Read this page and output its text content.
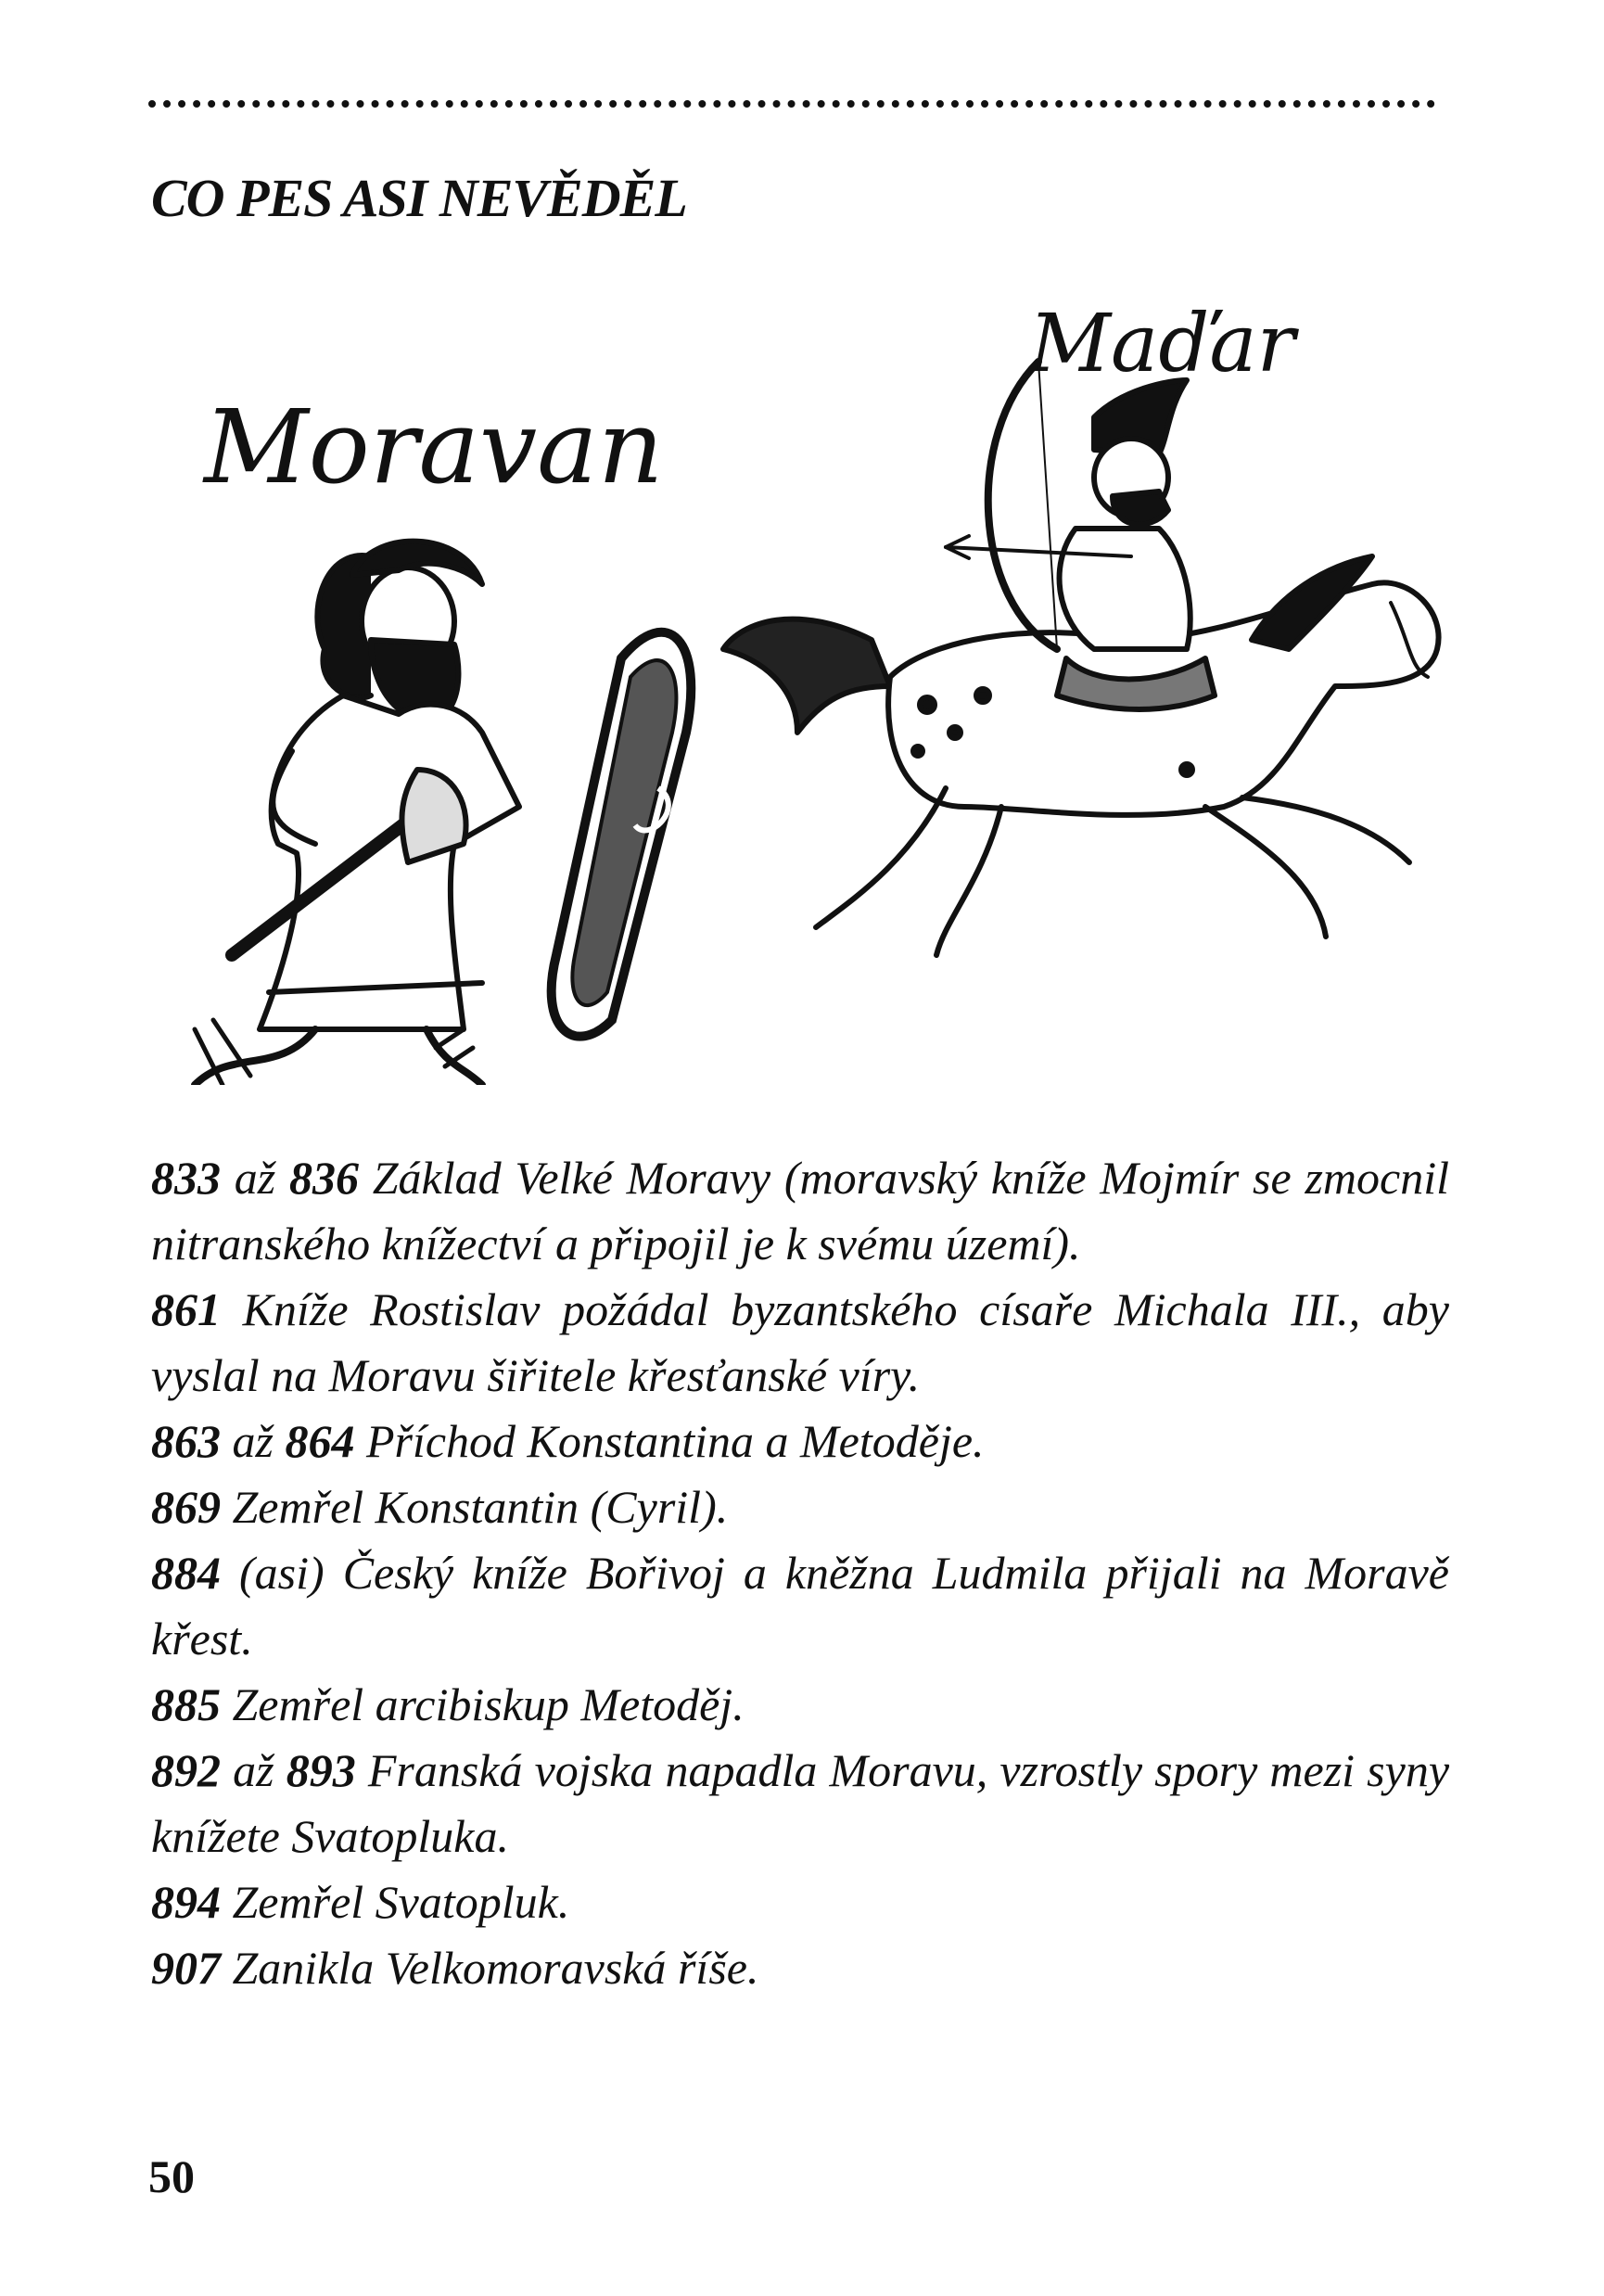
CO PES ASI NEVĚDĚL
Moravan
Maďar
833 až 836 Základ Velké Moravy (moravský kníže Mojmír se zmocnil nitranského knížectví a připojil je k svému území).
861 Kníže Rostislav požádal byzantského císaře Michala III., aby vyslal na Moravu šiřitele křesťanské víry.
863 až 864 Příchod Konstantina a Metoděje.
869 Zemřel Konstantin (Cyril).
884 (asi) Český kníže Bořivoj a kněžna Ludmila přijali na Moravě křest.
885 Zemřel arcibiskup Metoděj.
892 až 893 Franská vojska napadla Moravu, vzrostly spory mezi syny knížete Svatopluka.
894 Zemřel Svatopluk.
907 Zanikla Velkomoravská říše.
50
